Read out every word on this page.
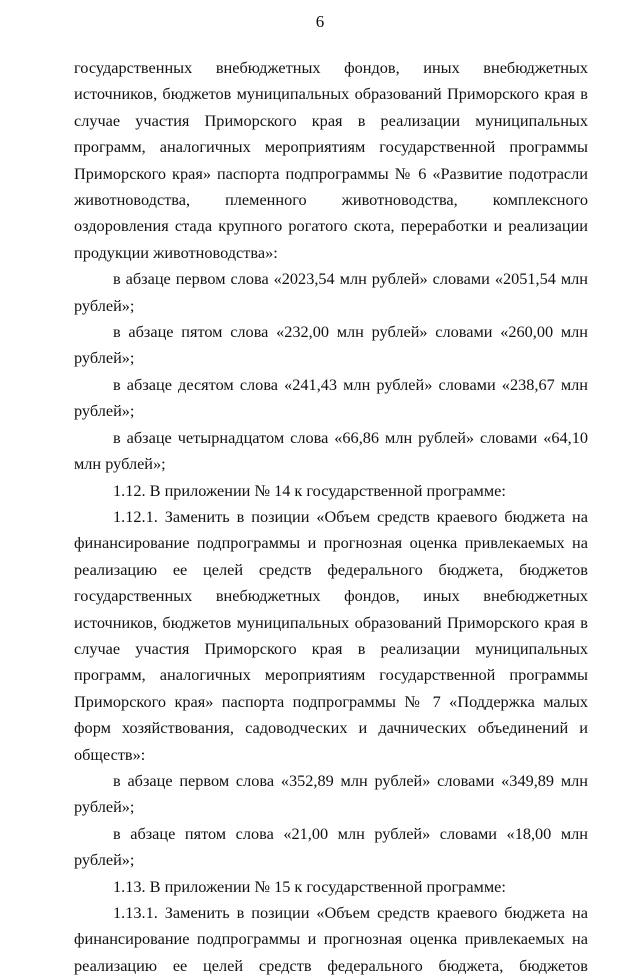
6

государственных внебюджетных фондов, иных внебюджетных источников, бюджетов муниципальных образований Приморского края в случае участия Приморского края в реализации муниципальных программ, аналогичных мероприятиям государственной программы Приморского края» паспорта подпрограммы № 6 «Развитие подотрасли животноводства, племенного животноводства, комплексного оздоровления стада крупного рогатого скота, переработки и реализации продукции животноводства»:

в абзаце первом слова «2023,54 млн рублей» словами «2051,54 млн рублей»;

в абзаце пятом слова «232,00 млн рублей» словами «260,00 млн рублей»;

в абзаце десятом слова «241,43 млн рублей» словами «238,67 млн рублей»;

в абзаце четырнадцатом слова «66,86 млн рублей» словами «64,10 млн рублей»;

1.12. В приложении № 14 к государственной программе:

1.12.1. Заменить в позиции «Объем средств краевого бюджета на финансирование подпрограммы и прогнозная оценка привлекаемых на реализацию ее целей средств федерального бюджета, бюджетов государственных внебюджетных фондов, иных внебюджетных источников, бюджетов муниципальных образований Приморского края в случае участия Приморского края в реализации муниципальных программ, аналогичных мероприятиям государственной программы Приморского края» паспорта подпрограммы № 7 «Поддержка малых форм хозяйствования, садоводческих и дачнических объединений и обществ»:

в абзаце первом слова «352,89 млн рублей» словами «349,89 млн рублей»;

в абзаце пятом слова «21,00 млн рублей» словами «18,00 млн рублей»;

1.13. В приложении № 15 к государственной программе:

1.13.1. Заменить в позиции «Объем средств краевого бюджета на финансирование подпрограммы и прогнозная оценка привлекаемых на реализацию ее целей средств федерального бюджета, бюджетов
